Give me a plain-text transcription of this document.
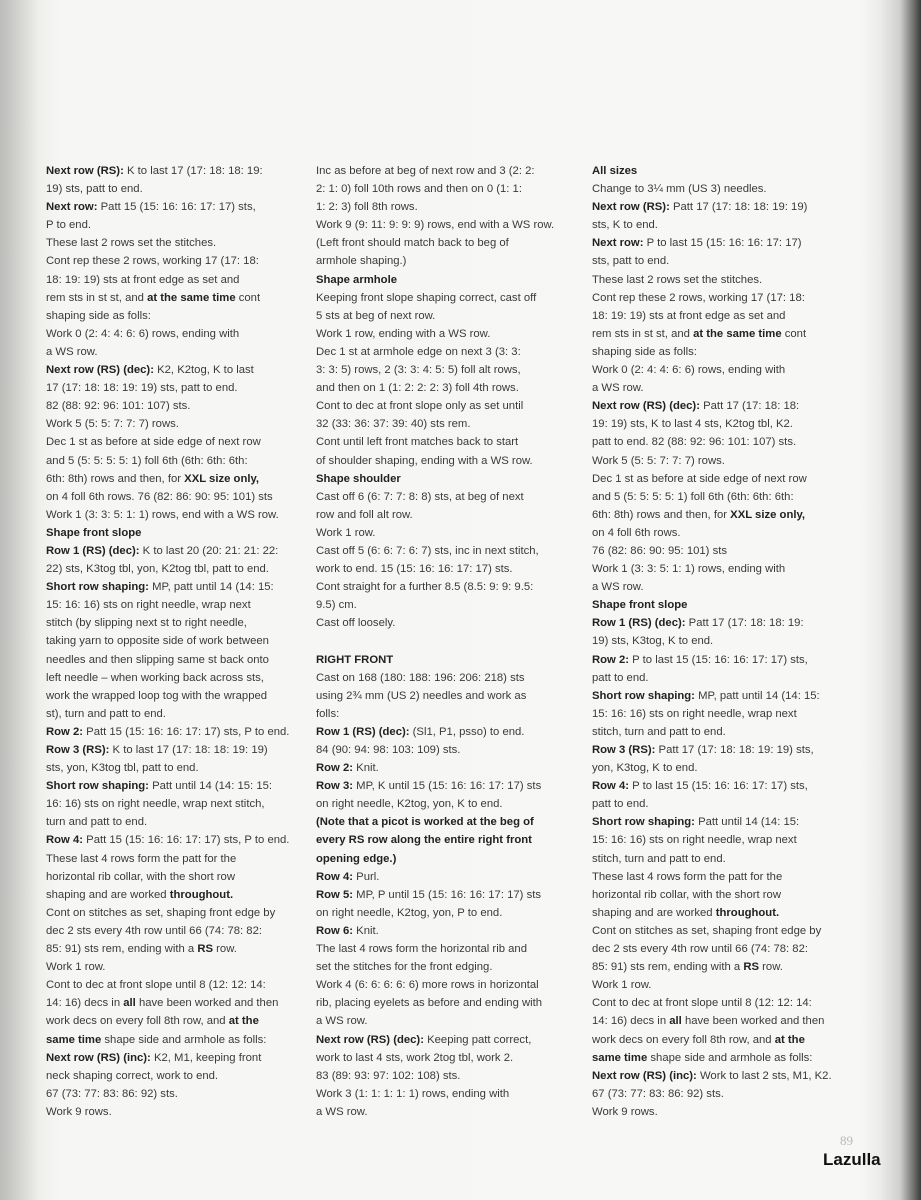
Next row (RS): K to last 17 (17: 18: 18: 19:
19) sts, patt to end.
Next row: Patt 15 (15: 16: 16: 17: 17) sts,
P to end.
These last 2 rows set the stitches.
Cont rep these 2 rows, working 17 (17: 18:
18: 19: 19) sts at front edge as set and
rem sts in st st, and at the same time cont
shaping side as folls:
Work 0 (2: 4: 4: 6: 6) rows, ending with
a WS row.
Next row (RS) (dec): K2, K2tog, K to last
17 (17: 18: 18: 19: 19) sts, patt to end.
82 (88: 92: 96: 101: 107) sts.
Work 5 (5: 5: 7: 7: 7) rows.
Dec 1 st as before at side edge of next row
and 5 (5: 5: 5: 5: 1) foll 6th (6th: 6th: 6th:
6th: 8th) rows and then, for XXL size only,
on 4 foll 6th rows. 76 (82: 86: 90: 95: 101) sts
Work 1 (3: 3: 5: 1: 1) rows, end with a WS row.
Shape front slope
Row 1 (RS) (dec): K to last 20 (20: 21: 21: 22:
22) sts, K3tog tbl, yon, K2tog tbl, patt to end.
Short row shaping: MP, patt until 14 (14: 15:
15: 16: 16) sts on right needle, wrap next
stitch (by slipping next st to right needle,
taking yarn to opposite side of work between
needles and then slipping same st back onto
left needle – when working back across sts,
work the wrapped loop tog with the wrapped
st), turn and patt to end.
Row 2: Patt 15 (15: 16: 16: 17: 17) sts, P to end.
Row 3 (RS): K to last 17 (17: 18: 18: 19: 19)
sts, yon, K3tog tbl, patt to end.
Short row shaping: Patt until 14 (14: 15: 15:
16: 16) sts on right needle, wrap next stitch,
turn and patt to end.
Row 4: Patt 15 (15: 16: 16: 17: 17) sts, P to end.
These last 4 rows form the patt for the
horizontal rib collar, with the short row
shaping and are worked throughout.
Cont on stitches as set, shaping front edge by
dec 2 sts every 4th row until 66 (74: 78: 82:
85: 91) sts rem, ending with a RS row.
Work 1 row.
Cont to dec at front slope until 8 (12: 12: 14:
14: 16) decs in all have been worked and then
work decs on every foll 8th row, and at the
same time shape side and armhole as folls:
Next row (RS) (inc): K2, M1, keeping front
neck shaping correct, work to end.
67 (73: 77: 83: 86: 92) sts.
Work 9 rows.
Inc as before at beg of next row and 3 (2: 2:
2: 1: 0) foll 10th rows and then on 0 (1: 1:
1: 2: 3) foll 8th rows.
Work 9 (9: 11: 9: 9: 9) rows, end with a WS row.
(Left front should match back to beg of
armhole shaping.)
Shape armhole
Keeping front slope shaping correct, cast off
5 sts at beg of next row.
Work 1 row, ending with a WS row.
Dec 1 st at armhole edge on next 3 (3: 3:
3: 3: 5) rows, 2 (3: 3: 4: 5: 5) foll alt rows,
and then on 1 (1: 2: 2: 2: 3) foll 4th rows.
Cont to dec at front slope only as set until
32 (33: 36: 37: 39: 40) sts rem.
Cont until left front matches back to start
of shoulder shaping, ending with a WS row.
Shape shoulder
Cast off 6 (6: 7: 7: 8: 8) sts, at beg of next
row and foll alt row.
Work 1 row.
Cast off 5 (6: 6: 7: 6: 7) sts, inc in next stitch,
work to end. 15 (15: 16: 16: 17: 17) sts.
Cont straight for a further 8.5 (8.5: 9: 9: 9.5:
9.5) cm.
Cast off loosely.
RIGHT FRONT
Cast on 168 (180: 188: 196: 206: 218) sts
using 2¾ mm (US 2) needles and work as
folls:
Row 1 (RS) (dec): (Sl1, P1, psso) to end.
84 (90: 94: 98: 103: 109) sts.
Row 2: Knit.
Row 3: MP, K until 15 (15: 16: 16: 17: 17) sts
on right needle, K2tog, yon, K to end.
(Note that a picot is worked at the beg of
every RS row along the entire right front
opening edge.)
Row 4: Purl.
Row 5: MP, P until 15 (15: 16: 16: 17: 17) sts
on right needle, K2tog, yon, P to end.
Row 6: Knit.
The last 4 rows form the horizontal rib and
set the stitches for the front edging.
Work 4 (6: 6: 6: 6: 6) more rows in horizontal
rib, placing eyelets as before and ending with
a WS row.
Next row (RS) (dec): Keeping patt correct,
work to last 4 sts, work 2tog tbl, work 2.
83 (89: 93: 97: 102: 108) sts.
Work 3 (1: 1: 1: 1: 1) rows, ending with
a WS row.
All sizes
Change to 3¼ mm (US 3) needles.
Next row (RS): Patt 17 (17: 18: 18: 19: 19)
sts, K to end.
Next row: P to last 15 (15: 16: 16: 17: 17)
sts, patt to end.
These last 2 rows set the stitches.
Cont rep these 2 rows, working 17 (17: 18:
18: 19: 19) sts at front edge as set and
rem sts in st st, and at the same time cont
shaping side as folls:
Work 0 (2: 4: 4: 6: 6) rows, ending with
a WS row.
Next row (RS) (dec): Patt 17 (17: 18: 18:
19: 19) sts, K to last 4 sts, K2tog tbl, K2.
patt to end. 82 (88: 92: 96: 101: 107) sts.
Work 5 (5: 5: 7: 7: 7) rows.
Dec 1 st as before at side edge of next row
and 5 (5: 5: 5: 5: 1) foll 6th (6th: 6th: 6th:
6th: 8th) rows and then, for XXL size only,
on 4 foll 6th rows.
76 (82: 86: 90: 95: 101) sts
Work 1 (3: 3: 5: 1: 1) rows, ending with
a WS row.
Shape front slope
Row 1 (RS) (dec): Patt 17 (17: 18: 18: 19:
19) sts, K3tog, K to end.
Row 2: P to last 15 (15: 16: 16: 17: 17) sts,
patt to end.
Short row shaping: MP, patt until 14 (14: 15:
15: 16: 16) sts on right needle, wrap next
stitch, turn and patt to end.
Row 3 (RS): Patt 17 (17: 18: 18: 19: 19) sts,
yon, K3tog, K to end.
Row 4: P to last 15 (15: 16: 16: 17: 17) sts,
patt to end.
Short row shaping: Patt until 14 (14: 15:
15: 16: 16) sts on right needle, wrap next
stitch, turn and patt to end.
These last 4 rows form the patt for the
horizontal rib collar, with the short row
shaping and are worked throughout.
Cont on stitches as set, shaping front edge by
dec 2 sts every 4th row until 66 (74: 78: 82:
85: 91) sts rem, ending with a RS row.
Work 1 row.
Cont to dec at front slope until 8 (12: 12: 14:
14: 16) decs in all have been worked and then
work decs on every foll 8th row, and at the
same time shape side and armhole as folls:
Next row (RS) (inc): Work to last 2 sts, M1, K2.
67 (73: 77: 83: 86: 92) sts.
Work 9 rows.
89
Lazulla
